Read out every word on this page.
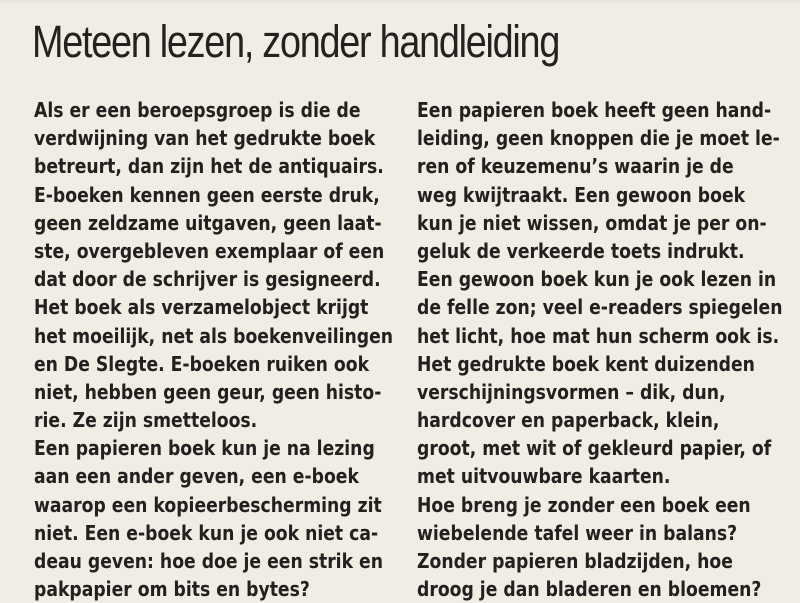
Meteen lezen, zonder handleiding
Als er een beroepsgroep is die de
verdwijning van het gedrukte boek
betreurt, dan zijn het de antiquairs.
E-boeken kennen geen eerste druk,
geen zeldzame uitgaven, geen laat-
ste, overgebleven exemplaar of een
dat door de schrijver is gesigneerd.
Het boek als verzamelobject krijgt
het moeilijk, net als boekenveilingen
en De Slegte. E-boeken ruiken ook
niet, hebben geen geur, geen histo-
rie. Ze zijn smetteloos.
Een papieren boek kun je na lezing
aan een ander geven, een e-boek
waarop een kopieerbescherming zit
niet. Een e-boek kun je ook niet ca-
deau geven: hoe doe je een strik en
pakpapier om bits en bytes?
Een papieren boek heeft geen hand-
leiding, geen knoppen die je moet le-
ren of keuzemenu’s waarin je de
weg kwijtraakt. Een gewoon boek
kun je niet wissen, omdat je per on-
geluk de verkeerde toets indrukt.
Een gewoon boek kun je ook lezen in
de felle zon; veel e-readers spiegelen
het licht, hoe mat hun scherm ook is.
Het gedrukte boek kent duizenden
verschijningsvormen – dik, dun,
hardcover en paperback, klein,
groot, met wit of gekleurd papier, of
met uitvouwbare kaarten.
Hoe breng je zonder een boek een
wiebelende tafel weer in balans?
Zonder papieren bladzijden, hoe
droog je dan bladeren en bloemen?
